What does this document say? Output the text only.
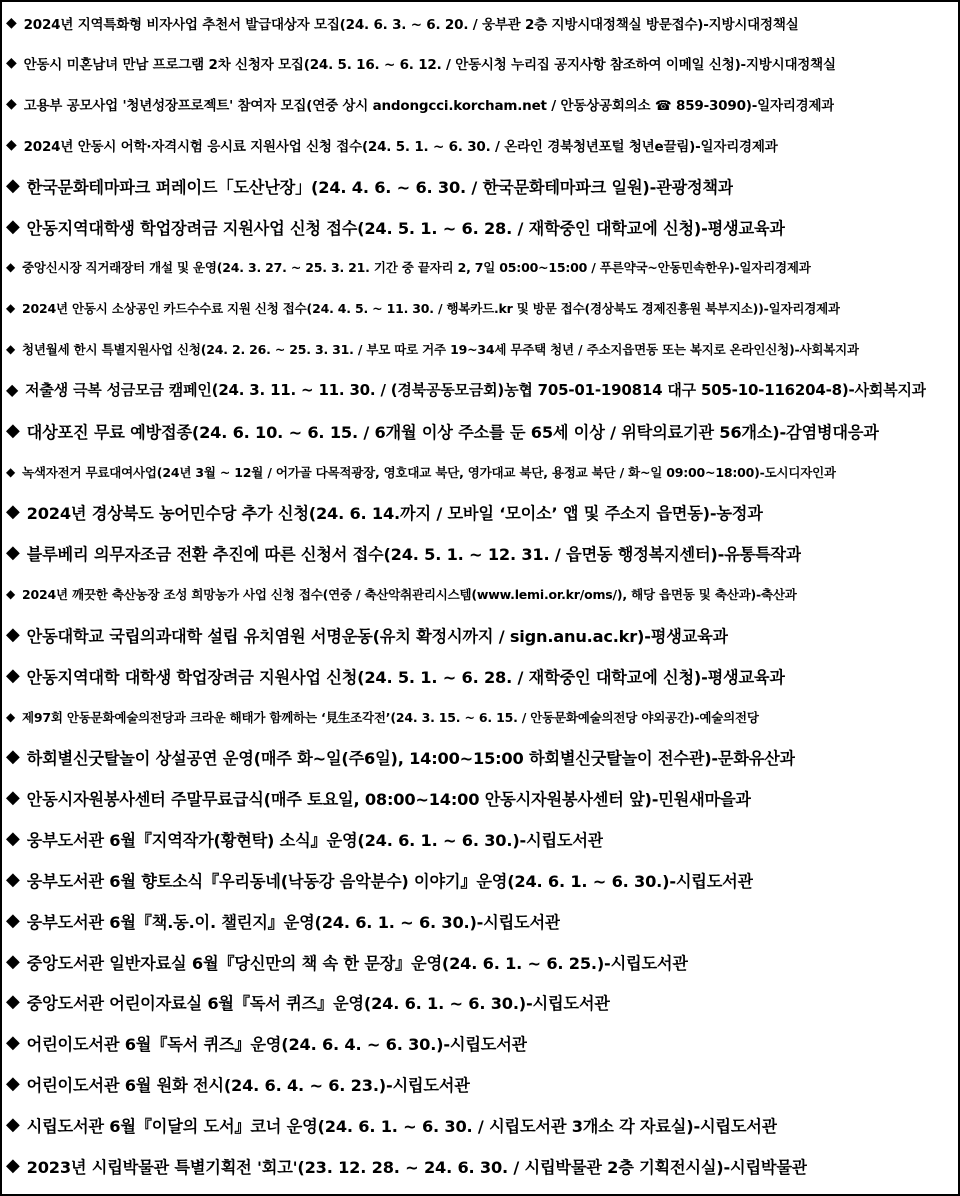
◆ 2024년 지역특화형 비자사업 추천서 발급대상자 모집(24. 6. 3. ~ 6. 20. / 웅부관 2층 지방시대정책실 방문접수)-지방시대정책실
◆ 안동시 미혼남녀 만남 프로그램 2차 신청자 모집(24. 5. 16. ~ 6. 12. / 안동시청 누리집 공지사항 참조하여 이메일 신청)-지방시대정책실
◆ 고용부 공모사업 '청년성장프로젝트' 참여자 모집(연중 상시 andongcci.korcham.net / 안동상공회의소 ☎ 859-3090)-일자리경제과
◆ 2024년 안동시 어학·자격시험 응시료 지원사업 신청 접수(24. 5. 1. ~ 6. 30. / 온라인 경북청년포털 청년e끌림)-일자리경제과
◆ 한국문화테마파크 퍼레이드「도산난장」(24. 4. 6. ~ 6. 30. / 한국문화테마파크 일원)-관광정책과
◆ 안동지역대학생 학업장려금 지원사업 신청 접수(24. 5. 1. ~ 6. 28. / 재학중인 대학교에 신청)-평생교육과
◆ 중앙신시장 직거래장터 개설 및 운영(24. 3. 27. ~ 25. 3. 21. 기간 중 끝자리 2, 7일 05:00~15:00 / 푸른약국~안동민속한우)-일자리경제과
◆ 2024년 안동시 소상공인 카드수수료 지원 신청 접수(24. 4. 5. ~ 11. 30. / 행복카드.kr 및 방문 접수(경상북도 경제진흥원 북부지소))-일자리경제과
◆ 청년월세 한시 특별지원사업 신청(24. 2. 26. ~ 25. 3. 31. / 부모 따로 거주 19~34세 무주택 청년 / 주소지읍면동 또는 복지로 온라인신청)-사회복지과
◆ 저출생 극복 성금모금 캠페인(24. 3. 11. ~ 11. 30. / (경북공동모금회)농협 705-01-190814 대구 505-10-116204-8)-사회복지과
◆ 대상포진 무료 예방접종(24. 6. 10. ~ 6. 15. / 6개월 이상 주소를 둔 65세 이상 / 위탁의료기관 56개소)-감염병대응과
◆ 녹색자전거 무료대여사업(24년 3월 ~ 12월 / 어가골 다목적광장, 영호대교 북단, 영가대교 북단, 용정교 북단 / 화~일 09:00~18:00)-도시디자인과
◆ 2024년 경상북도 농어민수당 추가 신청(24. 6. 14.까지 / 모바일 ‘모이소’ 앱 및 주소지 읍면동)-농정과
◆ 블루베리 의무자조금 전환 추진에 따른 신청서 접수(24. 5. 1. ~ 12. 31. / 읍면동 행정복지센터)-유통특작과
◆ 2024년 깨끗한 축산농장 조성 희망농가 사업 신청 접수(연중 / 축산악취관리시스템(www.lemi.or.kr/oms/), 해당 읍면동 및 축산과)-축산과
◆ 안동대학교 국립의과대학 설립 유치염원 서명운동(유치 확정시까지 / sign.anu.ac.kr)-평생교육과
◆ 안동지역대학 대학생 학업장려금 지원사업 신청(24. 5. 1. ~ 6. 28. / 재학중인 대학교에 신청)-평생교육과
◆ 제97회 안동문화예술의전당과 크라운 해태가 함께하는 ‘見生조각전’(24. 3. 15. ~ 6. 15. / 안동문화예술의전당 야외공간)-예술의전당
◆ 하회별신굿탈놀이 상설공연 운영(매주 화~일(주6일), 14:00~15:00 하회별신굿탈놀이 전수관)-문화유산과
◆ 안동시자원봉사센터 주말무료급식(매주 토요일, 08:00~14:00 안동시자원봉사센터 앞)-민원새마을과
◆ 웅부도서관 6월『지역작가(황현탁) 소식』운영(24. 6. 1. ~ 6. 30.)-시립도서관
◆ 웅부도서관 6월 향토소식『우리동네(낙동강 음악분수) 이야기』운영(24. 6. 1. ~ 6. 30.)-시립도서관
◆ 웅부도서관 6월『책.동.이. 챌린지』운영(24. 6. 1. ~ 6. 30.)-시립도서관
◆ 중앙도서관 일반자료실 6월『당신만의 책 속 한 문장』운영(24. 6. 1. ~ 6. 25.)-시립도서관
◆ 중앙도서관 어린이자료실 6월『독서 퀴즈』운영(24. 6. 1. ~ 6. 30.)-시립도서관
◆ 어린이도서관 6월『독서 퀴즈』운영(24. 6. 4. ~ 6. 30.)-시립도서관
◆ 어린이도서관 6월 원화 전시(24. 6. 4. ~ 6. 23.)-시립도서관
◆ 시립도서관 6월『이달의 도서』코너 운영(24. 6. 1. ~ 6. 30. / 시립도서관 3개소 각 자료실)-시립도서관
◆ 2023년 시립박물관 특별기획전 '회고'(23. 12. 28. ~ 24. 6. 30. / 시립박물관 2층 기획전시실)-시립박물관
